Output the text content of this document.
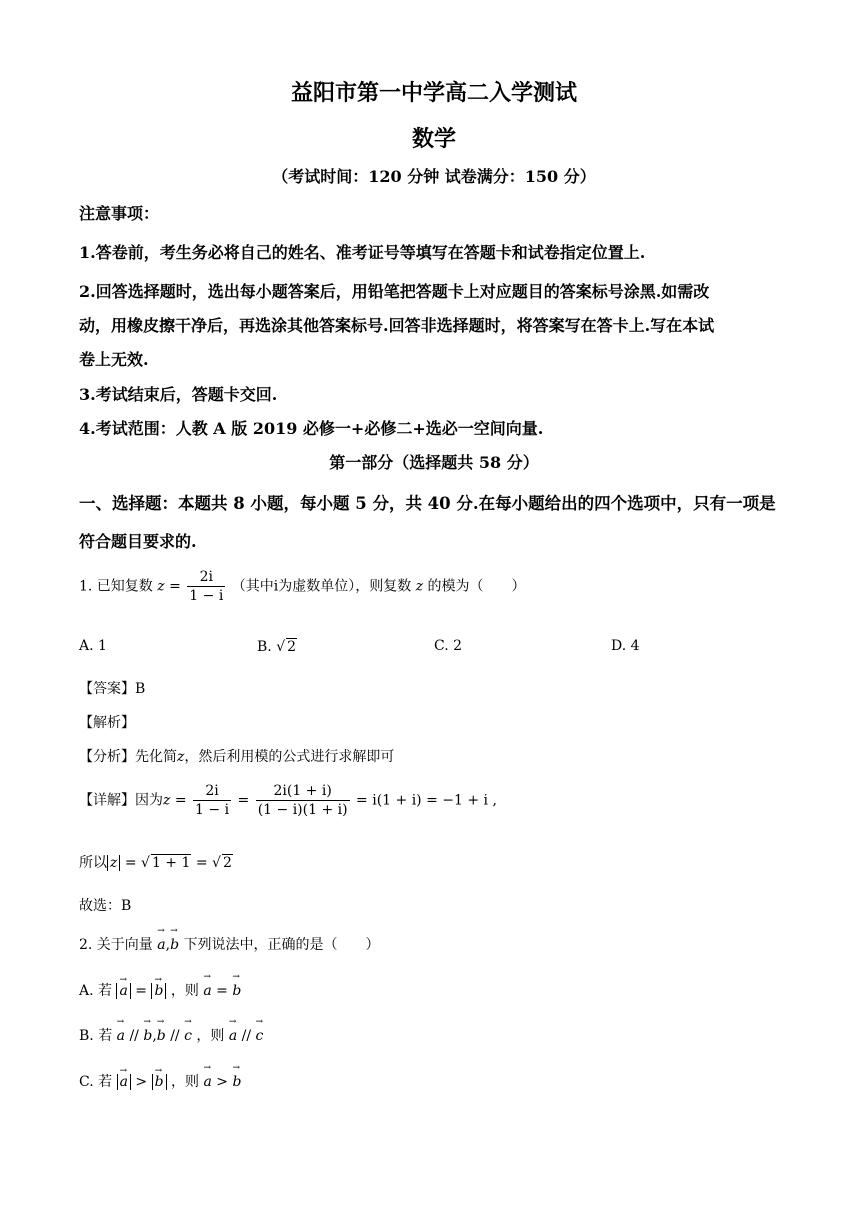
益阳市第一中学高二入学测试
数学
（考试时间：120 分钟 试卷满分：150 分）
注意事项：
1.答卷前，考生务必将自己的姓名、准考证号等填写在答题卡和试卷指定位置上.
2.回答选择题时，选出每小题答案后，用铅笔把答题卡上对应题目的答案标号涂黑.如需改
动，用橡皮擦干净后，再选涂其他答案标号.回答非选择题时，将答案写在答卡上.写在本试
卷上无效.
3.考试结束后，答题卡交回.
4.考试范围：人教 A 版 2019 必修一+必修二+选必一空间向量.
第一部分（选择题共 58 分）
一、选择题：本题共 8 小题，每小题 5 分，共 40 分.在每小题给出的四个选项中，只有一项是
符合题目要求的.
1. 已知复数 $z = \frac{2i}{1 - i}$ （其中i为虚数单位），则复数 z 的模为（　　）
A. 1	B. √ 2	C. 2	D. 4
【答案】B
【解析】
【分析】先化简z，然后利用模的公式进行求解即可
【详解】因为$z = \frac{2i}{1 - i} = \frac{2i(1 + i)}{(1 - i)(1 + i)} = i(1 + i) = -1 + i$ ,
所以 z = √ 1 + 1 = √ 2
故选：B
2. 关于向量 → a,→ b 下列说法中，正确的是（　　）
A. 若 → a = → b ，则 → a = → b
B. 若 → a // → b,→ b // → c ，则 → a // → c
C. 若 → a > → b ，则 → a > → b
